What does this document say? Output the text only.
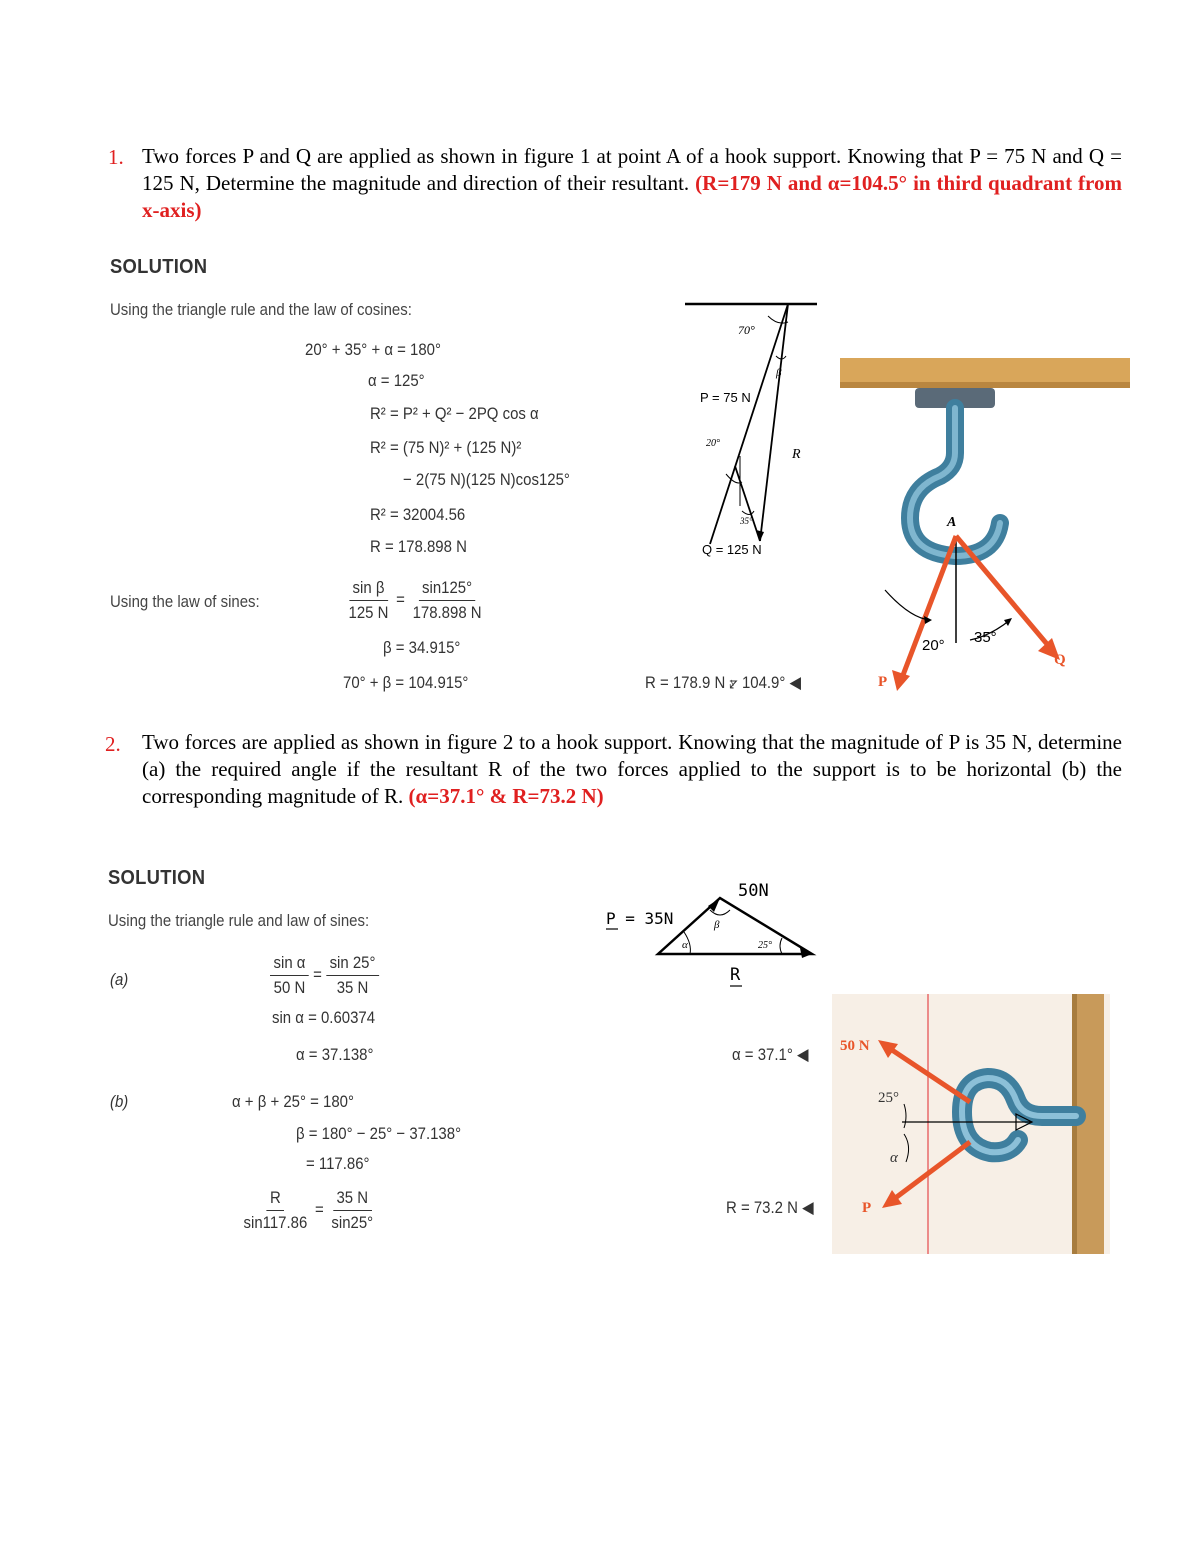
1. Two forces P and Q are applied as shown in figure 1 at point A of a hook support. Knowing that P = 75 N and Q = 125 N, Determine the magnitude and direction of their resultant. (R=179 N and α=104.5° in third quadrant from x-axis)
SOLUTION
Using the triangle rule and the law of cosines:
20° + 35° + α = 180°
α = 125°
R² = P² + Q² − 2PQ cos α
R² = (75 N)² + (125 N)²
− 2(75 N)(125 N)cos125°
R² = 32004.56
R = 178.898 N
Using the law of sines:	$\frac{\text{sin β}}{125 N} = \frac{\sin 125^\circ}{178.898 N}$
β = 34.915°
70° + β = 104.915°	R = 178.9 N ⦫ 104.9° ◀
70°
P = 75 N
β
R
20°
35°
Q = 125 N
A
20° 35°
P
Q
2. Two forces are applied as shown in figure 2 to a hook support. Knowing that the magnitude of P is 35 N, determine (a) the required angle if the resultant R of the two forces applied to the support is to be horizontal (b) the corresponding magnitude of R. (α=37.1° & R=73.2 N)
SOLUTION
Using the triangle rule and law of sines:
(a)	$\frac{\text{sin α}}{50 N} = \frac{\sin 25^\circ}{35 N}$
sin α = 0.60374
α = 37.138°	α = 37.1° ◀
(b)	α + β + 25° = 180°
β = 180° − 25° − 37.138°
= 117.86°
$\frac{R}{\sin 117.86} = \frac{35 N}{\sin 25^\circ}$	R = 73.2 N ◀
P = 35N
50N
β
α	25°
R
50 N
25°
α
P
